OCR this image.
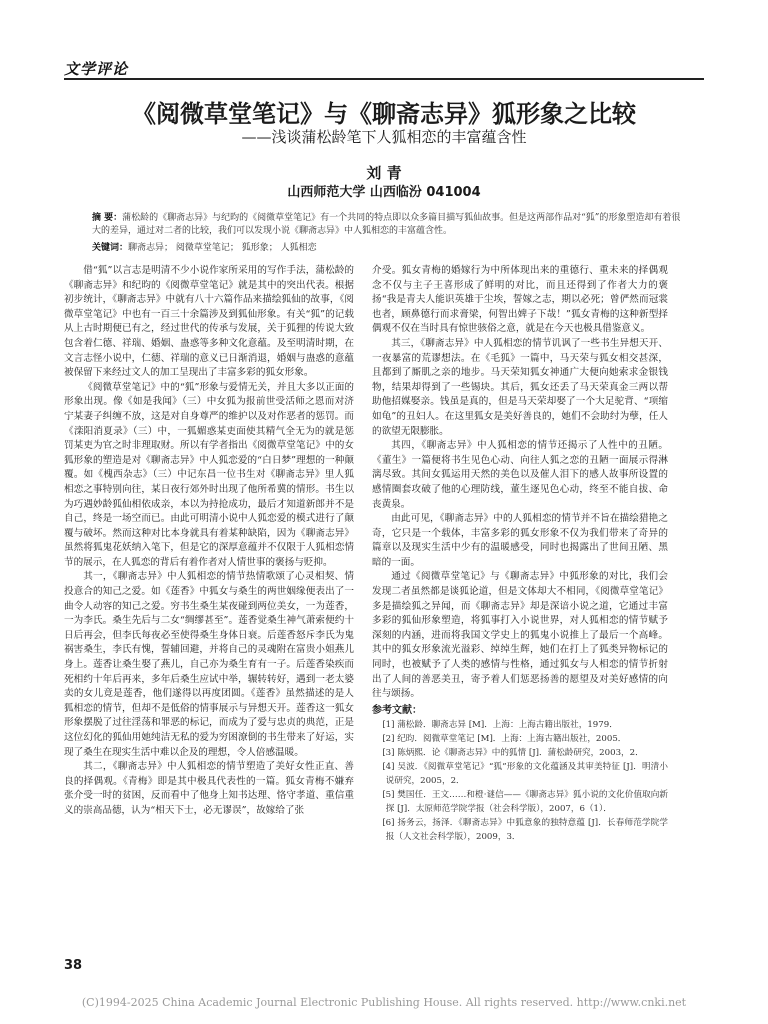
文学评论
《阅微草堂笔记》与《聊斋志异》狐形象之比较
——浅谈蒲松龄笔下人狐相恋的丰富蕴含性
刘 青
山西师范大学 山西临汾 041004
摘 要：蒲松龄的《聊斋志异》与纪昀的《阅微草堂笔记》有一个共同的特点即以众多篇目描写狐仙故事。但是这两部作品对“狐”的形象塑造却有着很大的差异，通过对二者的比较，我们可以发现小说《聊斋志异》中人狐相恋的丰富蕴含性。
关键词：聊斋志异； 阅微草堂笔记； 狐形象； 人狐相恋

借“狐”以言志是明清不少小说作家所采用的写作手法，蒲松龄的《聊斋志异》和纪昀的《阅微草堂笔记》就是其中的突出代表。根据初步统计，《聊斋志异》中就有八十六篇作品来描绘狐仙的故事，《阅微草堂笔记》中也有一百三十余篇涉及到狐仙形象。有关“狐”的记载从上古时期便已有之，经过世代的传承与发展，关于狐狸的传说大致包含着仁德、祥瑞、婚姻、蛊惑等多种文化意蕴。及至明清时期，在文言志怪小说中，仁德、祥瑞的意义已日渐消退，婚姻与蛊惑的意蕴被保留下来经过文人的加工呈现出了丰富多彩的狐女形象。

《阅微草堂笔记》中的“狐”形象与爱情无关，并且大多以正面的形象出现。像《如是我闻》（三）中女狐为报前世受活师之恩而对济宁某妻子纠缠不放，这是对自身尊严的维护以及对作恶者的惩罚。而《滦阳消夏录》（三）中，一狐媚惑某吏面使其精气全无为的就是惩罚某吏为官之时非理取财。所以有学者指出《阅微草堂笔记》中的女狐形象的塑造是对《聊斋志异》中人狐恋爱的“白日梦”理想的一种颠覆。如《槐西杂志》（三）中记东昌一位书生对《聊斋志异》里人狐相恋之事特别向往，某日夜行郊外时出现了他所希冀的情形。书生以为巧遇妙龄狐仙相依成亲，本以为持抢成功，最后才知道新郎并不是自己，终是一场空而已。由此可明清小说中人狐恋爱的模式进行了颠覆与破坏。然而这种对比本身就具有着某种缺陷，因为《聊斋志异》虽然将狐鬼花妖纳入笔下，但是它的深厚意蕴并不仅限于人狐相恋情节的展示，在人狐恋的背后有着作者对人情世事的褒扬与贬抑。

其一，《聊斋志异》中人狐相恋的情节热情歌颂了心灵相契、情投意合的知己之爱。如《莲香》中狐女与桑生的两世姻缘便表出了一曲令人动容的知己之爱。穷书生桑生某夜碰到两位美女，一为莲香，一为李氏。桑生先后与二女“绸缪甚至”。莲香觉桑生神气萧索便约十日后再会，但李氏每夜必至使得桑生身体日衰。后莲香怒斥李氏为鬼祸害桑生，李氏有愧，誓辅回避，并将自己的灵魂附在富贵小姐燕儿身上。莲香让桑生娶了燕儿，自己亦为桑生育有一子。后莲香染疾而死相约十年后再来，多年后桑生应试中举，辗转转好，遇到一老太婆卖的女儿竟是莲香，他们遂得以再度团圆。《莲香》虽然描述的是人狐相恋的情节，但却不是低俗的情事展示与异想天开。莲香这一狐女形象摆脱了过往淫荡和罪恶的标记，而成为了爱与忠贞的典范，正是这位幻化的狐仙用她纯洁无私的爱为穷困潦倒的书生带来了好运，实现了桑生在现实生活中难以企及的理想，令人倍感温暖。

其二，《聊斋志异》中人狐相恋的情节塑造了美好女性正直、善良的择偶观。《青梅》即是其中极具代表性的一篇。狐女青梅不嫌弃张介受一时的贫困，反而看中了他身上知书达理、恪守孝道、重信重义的崇高品德，认为“相天下士，必无谬误”，故嫁给了张

介受。狐女青梅的婚嫁行为中所体现出来的重德行、重未来的择偶观念不仅与主子王喜形成了鲜明的对比，而且还得到了作者大力的褒扬“我是青夫人能识英雄于尘埃，誓嫁之志，期以必死；曾俨然而冠裳也者，顾鼻德行而求膏梁，何智出婢子下哉！”狐女青梅的这种新型择偶观不仅在当时具有惊世骇俗之意，就是在今天也极具借鉴意义。

其三，《聊斋志异》中人狐相恋的情节讥讽了一些书生异想天开、一夜暴富的荒谬想法。在《毛狐》一篇中，马天荣与狐女相交甚深，且都到了厮肌之亲的地步。马天荣知狐女神通广大便向她索求金银钱物，结果却得到了一些锡块。其后，狐女还丢了马天荣真金三两以帮助他招媒娶亲。钱虽是真的，但是马天荣却娶了一个大足驼背、“项缩如龟”的丑妇人。在这里狐女是美好善良的，她们不会助纣为孽，任人的欲望无限膨胀。

其四，《聊斋志异》中人狐相恋的情节还揭示了人性中的丑陋。《董生》一篇便将书生见色心动、向往人狐之恋的丑陋一面展示得淋漓尽致。其间女狐运用天然的美色以及催人泪下的感人故事所设置的感情圈套攻破了他的心理防线，董生逐见色心动，终至不能自拔、命丧黄泉。

由此可见，《聊斋志异》中的人狐相恋的情节并不旨在描绘猎艳之奇，它只是一个载体，丰富多彩的狐女形象不仅为我们带来了奇异的篇章以及现实生活中少有的温暖感受，同时也揭露出了世间丑陋、黑暗的一面。

通过《阅微草堂笔记》与《聊斋志异》中狐形象的对比，我们会发现二者虽然都是谈狐论道，但是文体却大不相同，《阅微草堂笔记》多是描绘狐之异闻，而《聊斋志异》却是深谙小说之道，它通过丰富多彩的狐仙形象塑造，将狐事打入小说世界，对人狐相恋的情节赋予深刻的内涵，进而将我国文学史上的狐鬼小说推上了最后一个高峰。其中的狐女形象流光溢彩、绰绰生辉，她们在打上了狐类异物标记的同时，也被赋予了人类的感情与性格，通过狐女与人相恋的情节折射出了人间的善恶美丑，寄予着人们惩恶扬善的愿望及对美好感情的向往与颂扬。

参考文献：
[1] 蒲松龄．聊斋志异 [M]．上海：上海古籍出版社，1979．
[2] 纪昀．阅微草堂笔记 [M]．上海：上海古籍出版社，2005．
[3] 陈炳熙．论《聊斋志异》中的狐情 [J]．蒲松龄研究，2003，2．
[4] 吴波．《阅微草堂笔记》“狐”形象的文化蕴涵及其审美特征 [J]．明清小说研究，2005，2．
[5] 樊国任．王文……和橙·谜信——《聊斋志异》狐小说的文化价值取向新探 [J]．太原师范学院学报（社会科学版），2007，6（1）．
[6] 扬务云，扬泽．《聊斋志异》中狐意象的独特意蕴 [J]．长春师范学院学报（人文社会科学版），2009，3．
38
(C)1994-2025 China Academic Journal Electronic Publishing House. All rights reserved. http://www.cnki.net
